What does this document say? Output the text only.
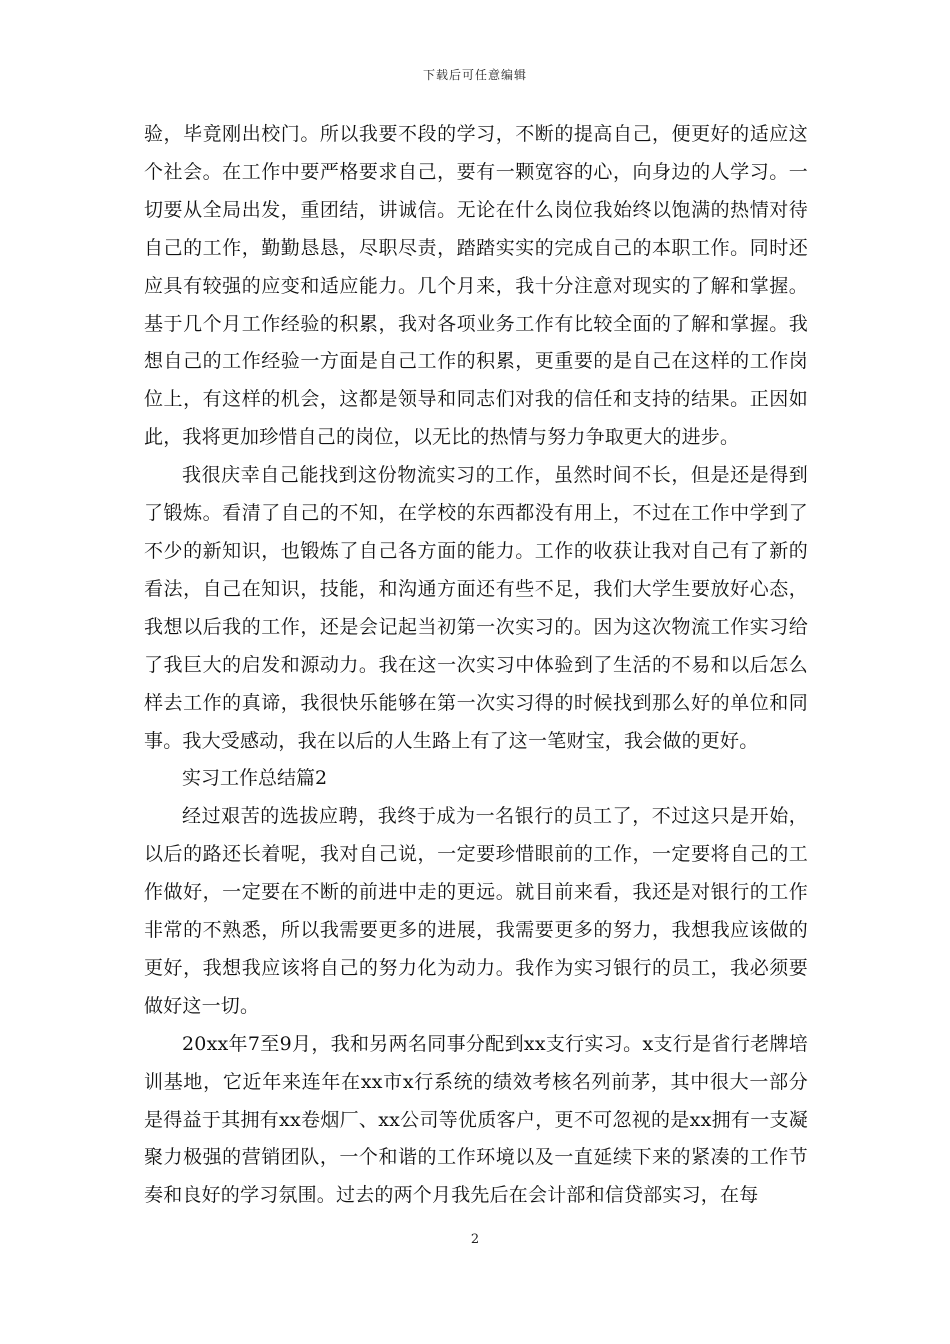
下载后可任意编辑

验，毕竟刚出校门。所以我要不段的学习，不断的提高自己，便更好的适应这个社会。在工作中要严格要求自己，要有一颗宽容的心，向身边的人学习。一切要从全局出发，重团结，讲诚信。无论在什么岗位我始终以饱满的热情对待自己的工作，勤勤恳恳，尽职尽责，踏踏实实的完成自己的本职工作。同时还应具有较强的应变和适应能力。几个月来，我十分注意对现实的了解和掌握。基于几个月工作经验的积累，我对各项业务工作有比较全面的了解和掌握。我想自己的工作经验一方面是自己工作的积累，更重要的是自己在这样的工作岗位上，有这样的机会，这都是领导和同志们对我的信任和支持的结果。正因如此，我将更加珍惜自己的岗位，以无比的热情与努力争取更大的进步。

我很庆幸自己能找到这份物流实习的工作，虽然时间不长，但是还是得到了锻炼。看清了自己的不知，在学校的东西都没有用上，不过在工作中学到了不少的新知识，也锻炼了自己各方面的能力。工作的收获让我对自己有了新的看法，自己在知识，技能，和沟通方面还有些不足，我们大学生要放好心态，我想以后我的工作，还是会记起当初第一次实习的。因为这次物流工作实习给了我巨大的启发和源动力。我在这一次实习中体验到了生活的不易和以后怎么样去工作的真谛，我很快乐能够在第一次实习得的时候找到那么好的单位和同事。我大受感动，我在以后的人生路上有了这一笔财宝，我会做的更好。

实习工作总结篇2

经过艰苦的选拔应聘，我终于成为一名银行的员工了，不过这只是开始，以后的路还长着呢，我对自己说，一定要珍惜眼前的工作，一定要将自己的工作做好，一定要在不断的前进中走的更远。就目前来看，我还是对银行的工作非常的不熟悉，所以我需要更多的进展，我需要更多的努力，我想我应该做的更好，我想我应该将自己的努力化为动力。我作为实习银行的员工，我必须要做好这一切。

20xx年7至9月，我和另两名同事分配到xx支行实习。x支行是省行老牌培训基地，它近年来连年在xx市x行系统的绩效考核名列前茅，其中很大一部分是得益于其拥有xx卷烟厂、xx公司等优质客户，更不可忽视的是xx拥有一支凝聚力极强的营销团队，一个和谐的工作环境以及一直延续下来的紧凑的工作节奏和良好的学习氛围。过去的两个月我先后在会计部和信贷部实习，在每

2
